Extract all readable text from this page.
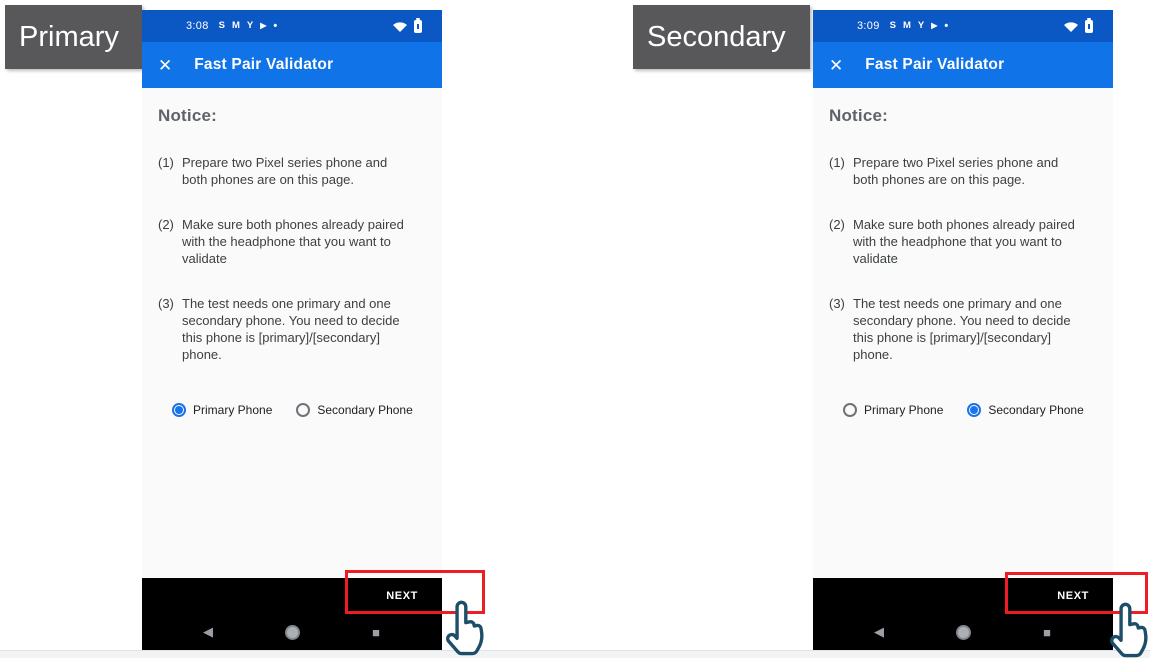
Primary	Secondary
3:08 S M Y ▶ •
✕ Fast Pair Validator
Notice:
(1) Prepare two Pixel series phone and both phones are on this page.
(2) Make sure both phones already paired with the headphone that you want to validate
(3) The test needs one primary and one secondary phone. You need to decide this phone is [primary]/[secondary] phone.
Primary Phone	Secondary Phone
NEXT
◀	■
3:09 S M Y ▶ •
✕ Fast Pair Validator
Notice:
(1) Prepare two Pixel series phone and both phones are on this page.
(2) Make sure both phones already paired with the headphone that you want to validate
(3) The test needs one primary and one secondary phone. You need to decide this phone is [primary]/[secondary] phone.
Primary Phone	Secondary Phone
NEXT
◀	■
